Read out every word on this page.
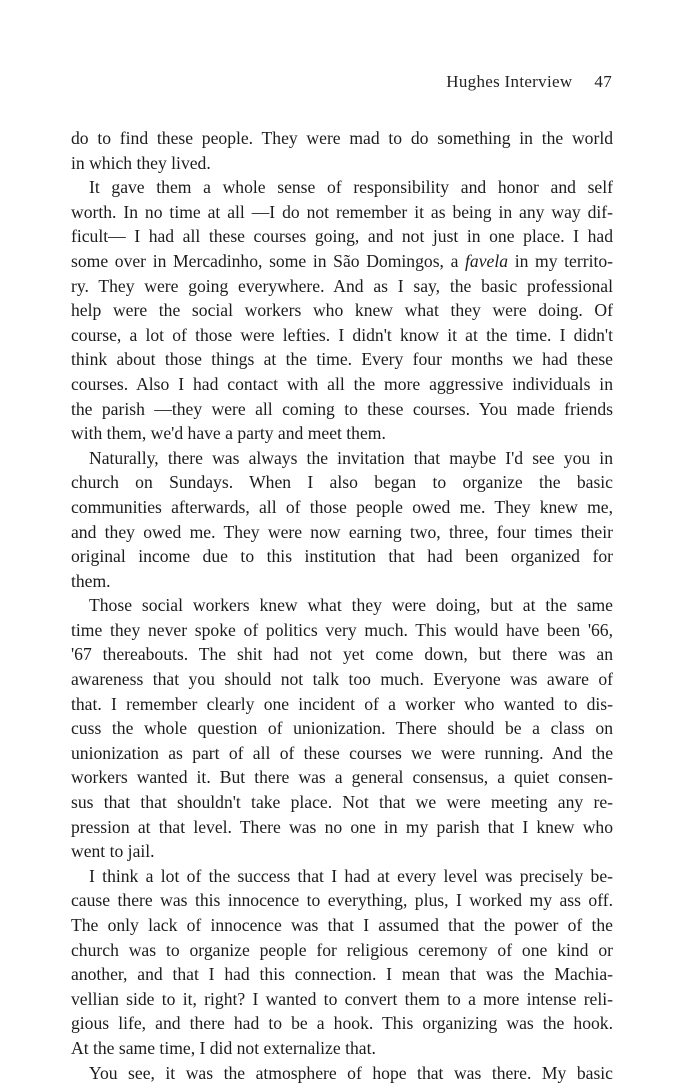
Hughes Interview 47
do to find these people. They were mad to do something in the world
in which they lived.
It gave them a whole sense of responsibility and honor and self
worth. In no time at all —I do not remember it as being in any way dif-
ficult— I had all these courses going, and not just in one place. I had
some over in Mercadinho, some in São Domingos, a favela in my territo-
ry. They were going everywhere. And as I say, the basic professional
help were the social workers who knew what they were doing. Of
course, a lot of those were lefties. I didn't know it at the time. I didn't
think about those things at the time. Every four months we had these
courses. Also I had contact with all the more aggressive individuals in
the parish —they were all coming to these courses. You made friends
with them, we'd have a party and meet them.
Naturally, there was always the invitation that maybe I'd see you in
church on Sundays. When I also began to organize the basic
communities afterwards, all of those people owed me. They knew me,
and they owed me. They were now earning two, three, four times their
original income due to this institution that had been organized for
them.
Those social workers knew what they were doing, but at the same
time they never spoke of politics very much. This would have been '66,
'67 thereabouts. The shit had not yet come down, but there was an
awareness that you should not talk too much. Everyone was aware of
that. I remember clearly one incident of a worker who wanted to dis-
cuss the whole question of unionization. There should be a class on
unionization as part of all of these courses we were running. And the
workers wanted it. But there was a general consensus, a quiet consen-
sus that that shouldn't take place. Not that we were meeting any re-
pression at that level. There was no one in my parish that I knew who
went to jail.
I think a lot of the success that I had at every level was precisely be-
cause there was this innocence to everything, plus, I worked my ass off.
The only lack of innocence was that I assumed that the power of the
church was to organize people for religious ceremony of one kind or
another, and that I had this connection. I mean that was the Machia-
vellian side to it, right? I wanted to convert them to a more intense reli-
gious life, and there had to be a hook. This organizing was the hook.
At the same time, I did not externalize that.
You see, it was the atmosphere of hope that was there. My basic
